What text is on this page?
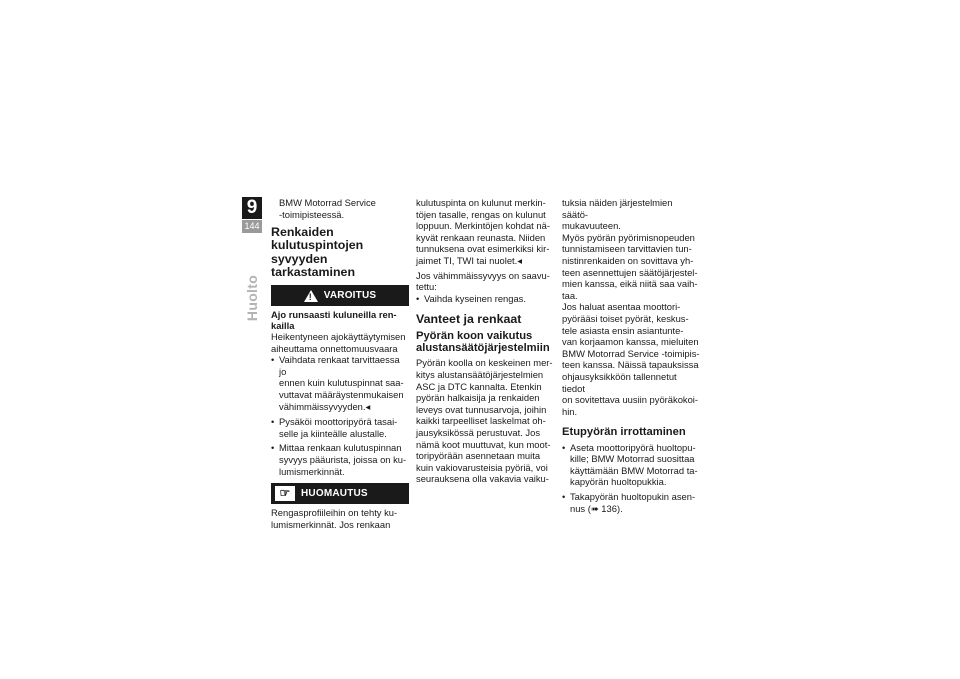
9
144
Huolto

BMW Motorrad Service

-toimipisteessä.

Renkaiden
kulutuspintojen syvyyden
tarkastaminen
!
VAROITUS
Ajo runsaasti kuluneilla ren-
kailla

Heikentyneen ajokäyttäytymisen

aiheuttama onnettomuusvaara

• Vaihdata renkaat tarvittaessa jo
ennen kuin kulutuspinnat saa-
vuttavat määräystenmukaisen
vähimmäissyvyyden.◂
• Pysäköi moottoripyörä tasai-
selle ja kiinteälle alustalle.
• Mittaa renkaan kulutuspinnan
syvyys pääurista, joissa on ku-
lumismerkinnät.
☞	HUOMAUTUS

Rengasprofiileihin on tehty ku-

lumismerkinnät. Jos renkaan

kulutuspinta on kulunut merkin-
töjen tasalle, rengas on kulunut
loppuun. Merkintöjen kohdat nä-
kyvät renkaan reunasta. Niiden
tunnuksena ovat esimerkiksi kir-
jaimet TI, TWI tai nuolet.◂

Jos vähimmäissyvyys on saavu-
tettu:

• Vaihda kyseinen rengas.
Vanteet ja renkaat
Pyörän koon vaikutus
alustansäätöjärjestelmiin

Pyörän koolla on keskeinen mer-
kitys alustansäätöjärjestelmien
ASC ja DTC kannalta. Etenkin
pyörän halkaisija ja renkaiden
leveys ovat tunnusarvoja, joihin
kaikki tarpeelliset laskelmat oh-
jausyksikössä perustuvat. Jos
nämä koot muuttuvat, kun moot-
toripyörään asennetaan muita
kuin vakiovarusteisia pyöriä, voi
seurauksena olla vakavia vaiku-

tuksia näiden järjestelmien säätö-
mukavuuteen.

Myös pyörän pyörimisnopeuden
tunnistamiseen tarvittavien tun-
nistinrenkaiden on sovittava yh-
teen asennettujen säätöjärjestel-
mien kanssa, eikä niitä saa vaih-
taa.

Jos haluat asentaa moottori-
pyörääsi toiset pyörät, keskus-
tele asiasta ensin asiantunte-
van korjaamon kanssa, mieluiten
BMW Motorrad Service -toimipis-
teen kanssa. Näissä tapauksissa
ohjausyksikköön tallennetut tiedot
on sovitettava uusiin pyöräkokoi-
hin.

Etupyörän irrottaminen
• Aseta moottoripyörä huoltopu-
kille; BMW Motorrad suosittaa
käyttämään BMW Motorrad ta-
kapyörän huoltopukkia.
• Takapyörän huoltopukin asen-
nus (➠ 136).
